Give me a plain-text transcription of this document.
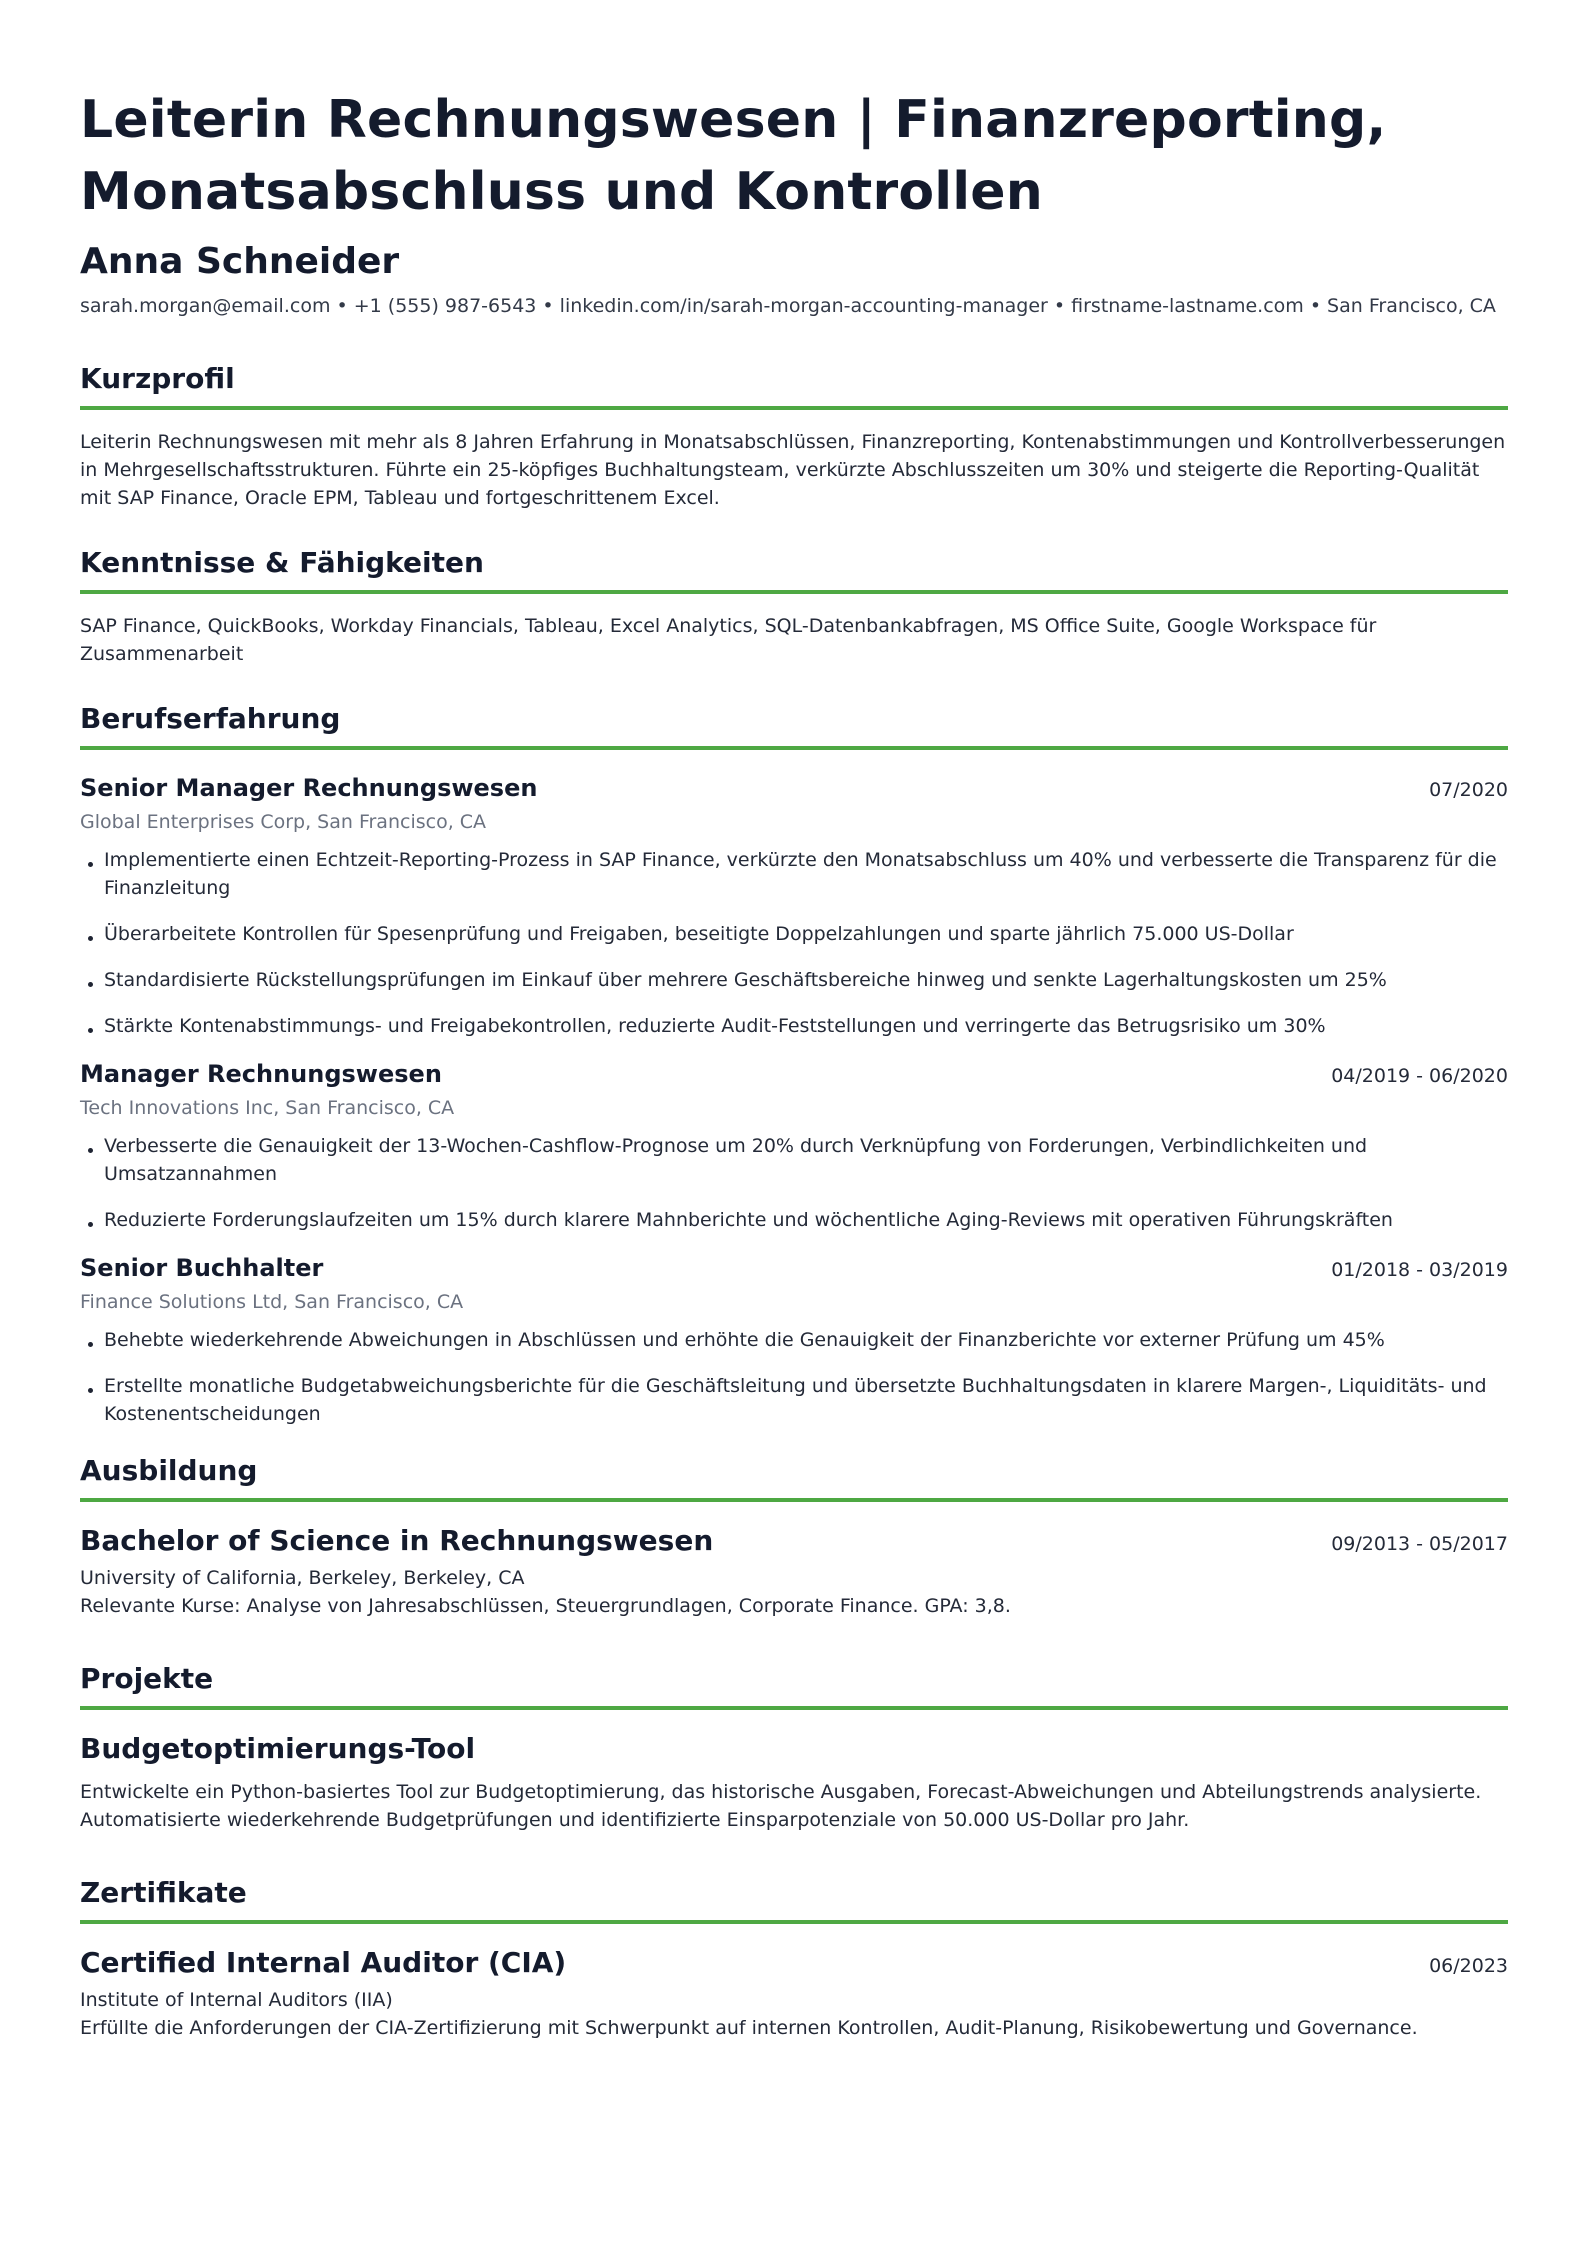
Leiterin Rechnungswesen | Finanzreporting, Monatsabschluss und Kontrollen
Anna Schneider
sarah.morgan@email.com • +1 (555) 987-6543 • linkedin.com/in/sarah-morgan-accounting-manager • firstname-lastname.com • San Francisco, CA
Kurzprofil

Leiterin Rechnungswesen mit mehr als 8 Jahren Erfahrung in Monatsabschlüssen, Finanzreporting, Kontenabstimmungen und Kontrollverbesserungen in Mehrgesellschaftsstrukturen. Führte ein 25-köpfiges Buchhaltungsteam, verkürzte Abschlusszeiten um 30% und steigerte die Reporting-Qualität mit SAP Finance, Oracle EPM, Tableau und fortgeschrittenem Excel.

Kenntnisse & Fähigkeiten

SAP Finance, QuickBooks, Workday Financials, Tableau, Excel Analytics, SQL-Datenbankabfragen, MS Office Suite, Google Workspace für Zusammenarbeit

Berufserfahrung
Senior Manager Rechnungswesen	07/2020
Global Enterprises Corp, San Francisco, CA
Implementierte einen Echtzeit-Reporting-Prozess in SAP Finance, verkürzte den Monatsabschluss um 40% und verbesserte die Transparenz für die Finanzleitung
Überarbeitete Kontrollen für Spesenprüfung und Freigaben, beseitigte Doppelzahlungen und sparte jährlich 75.000 US-Dollar
Standardisierte Rückstellungsprüfungen im Einkauf über mehrere Geschäftsbereiche hinweg und senkte Lagerhaltungskosten um 25%
Stärkte Kontenabstimmungs- und Freigabekontrollen, reduzierte Audit-Feststellungen und verringerte das Betrugsrisiko um 30%
Manager Rechnungswesen	04/2019 - 06/2020
Tech Innovations Inc, San Francisco, CA
Verbesserte die Genauigkeit der 13-Wochen-Cashflow-Prognose um 20% durch Verknüpfung von Forderungen, Verbindlichkeiten und Umsatzannahmen
Reduzierte Forderungslaufzeiten um 15% durch klarere Mahnberichte und wöchentliche Aging-Reviews mit operativen Führungskräften
Senior Buchhalter	01/2018 - 03/2019
Finance Solutions Ltd, San Francisco, CA
Behebte wiederkehrende Abweichungen in Abschlüssen und erhöhte die Genauigkeit der Finanzberichte vor externer Prüfung um 45%
Erstellte monatliche Budgetabweichungsberichte für die Geschäftsleitung und übersetzte Buchhaltungsdaten in klarere Margen-, Liquiditäts- und Kostenentscheidungen
Ausbildung
Bachelor of Science in Rechnungswesen	09/2013 - 05/2017
University of California, Berkeley, Berkeley, CA
Relevante Kurse: Analyse von Jahresabschlüssen, Steuergrundlagen, Corporate Finance. GPA: 3,8.
Projekte
Budgetoptimierungs-Tool

Entwickelte ein Python-basiertes Tool zur Budgetoptimierung, das historische Ausgaben, Forecast-Abweichungen und Abteilungstrends analysierte. Automatisierte wiederkehrende Budgetprüfungen und identifizierte Einsparpotenziale von 50.000 US-Dollar pro Jahr.

Zertifikate
Certified Internal Auditor (CIA)	06/2023
Institute of Internal Auditors (IIA)
Erfüllte die Anforderungen der CIA-Zertifizierung mit Schwerpunkt auf internen Kontrollen, Audit-Planung, Risikobewertung und Governance.
